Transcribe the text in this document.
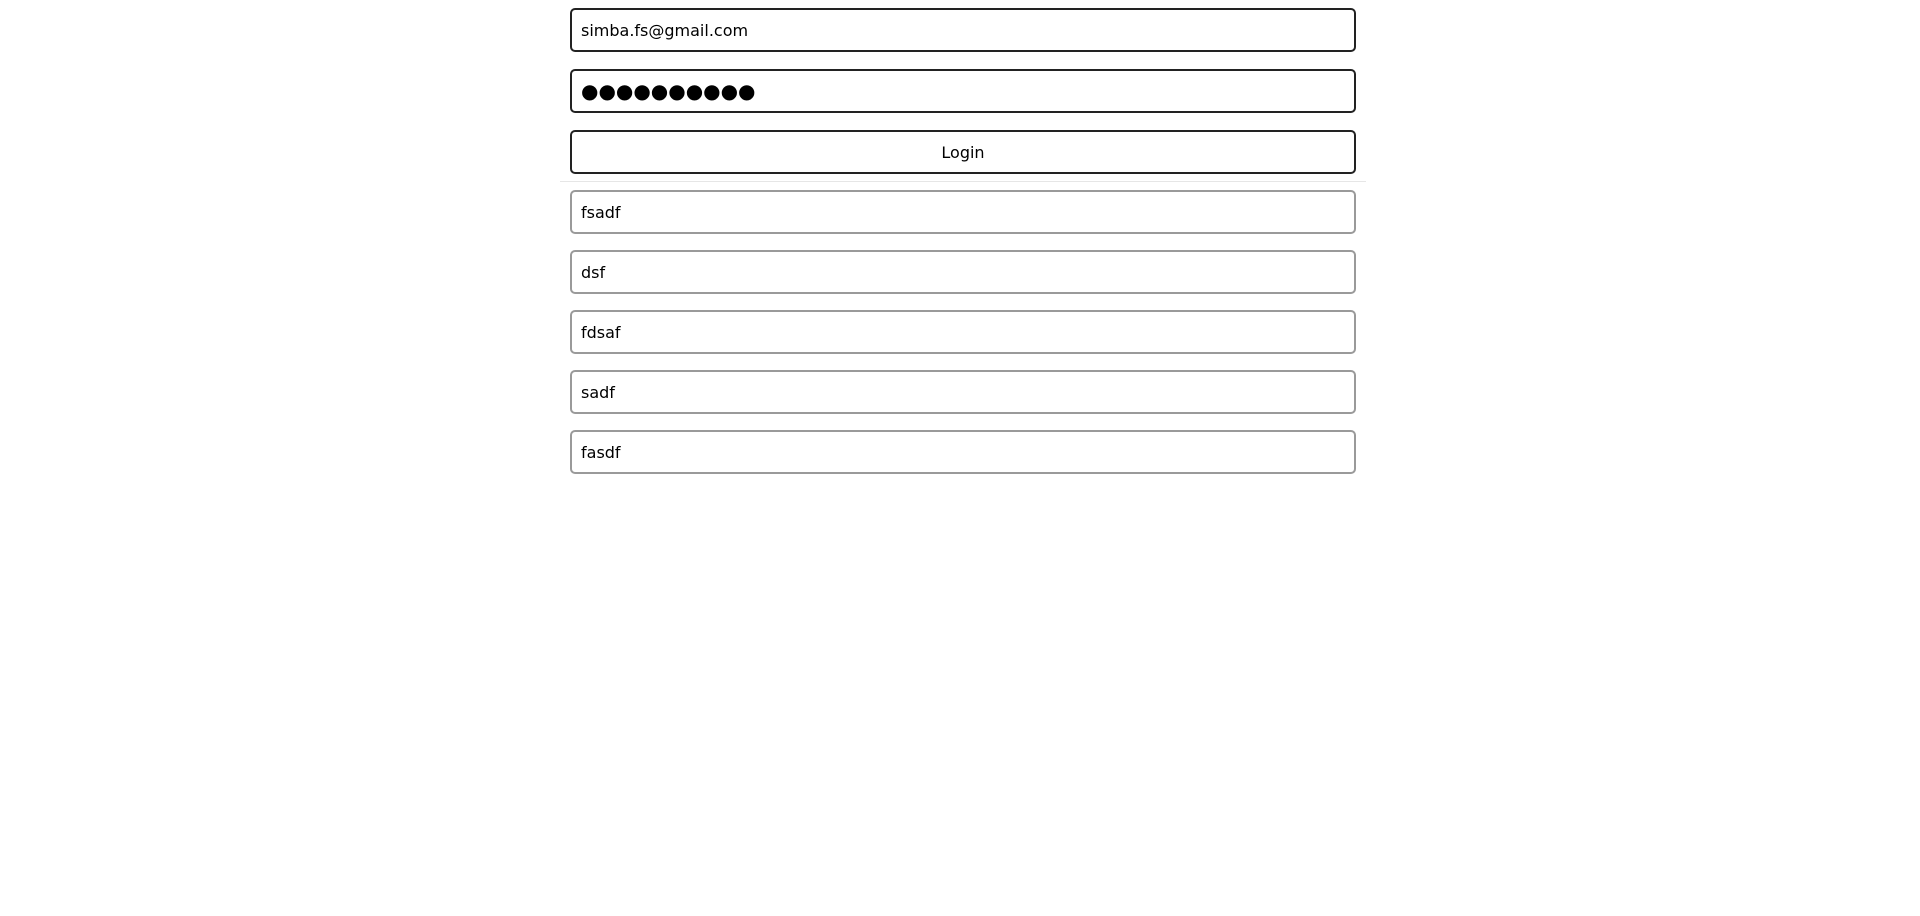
simba.fs@gmail.com
●●●●●●●●●●
Login
fsadf
dsf
fdsaf
sadf
fasdf
